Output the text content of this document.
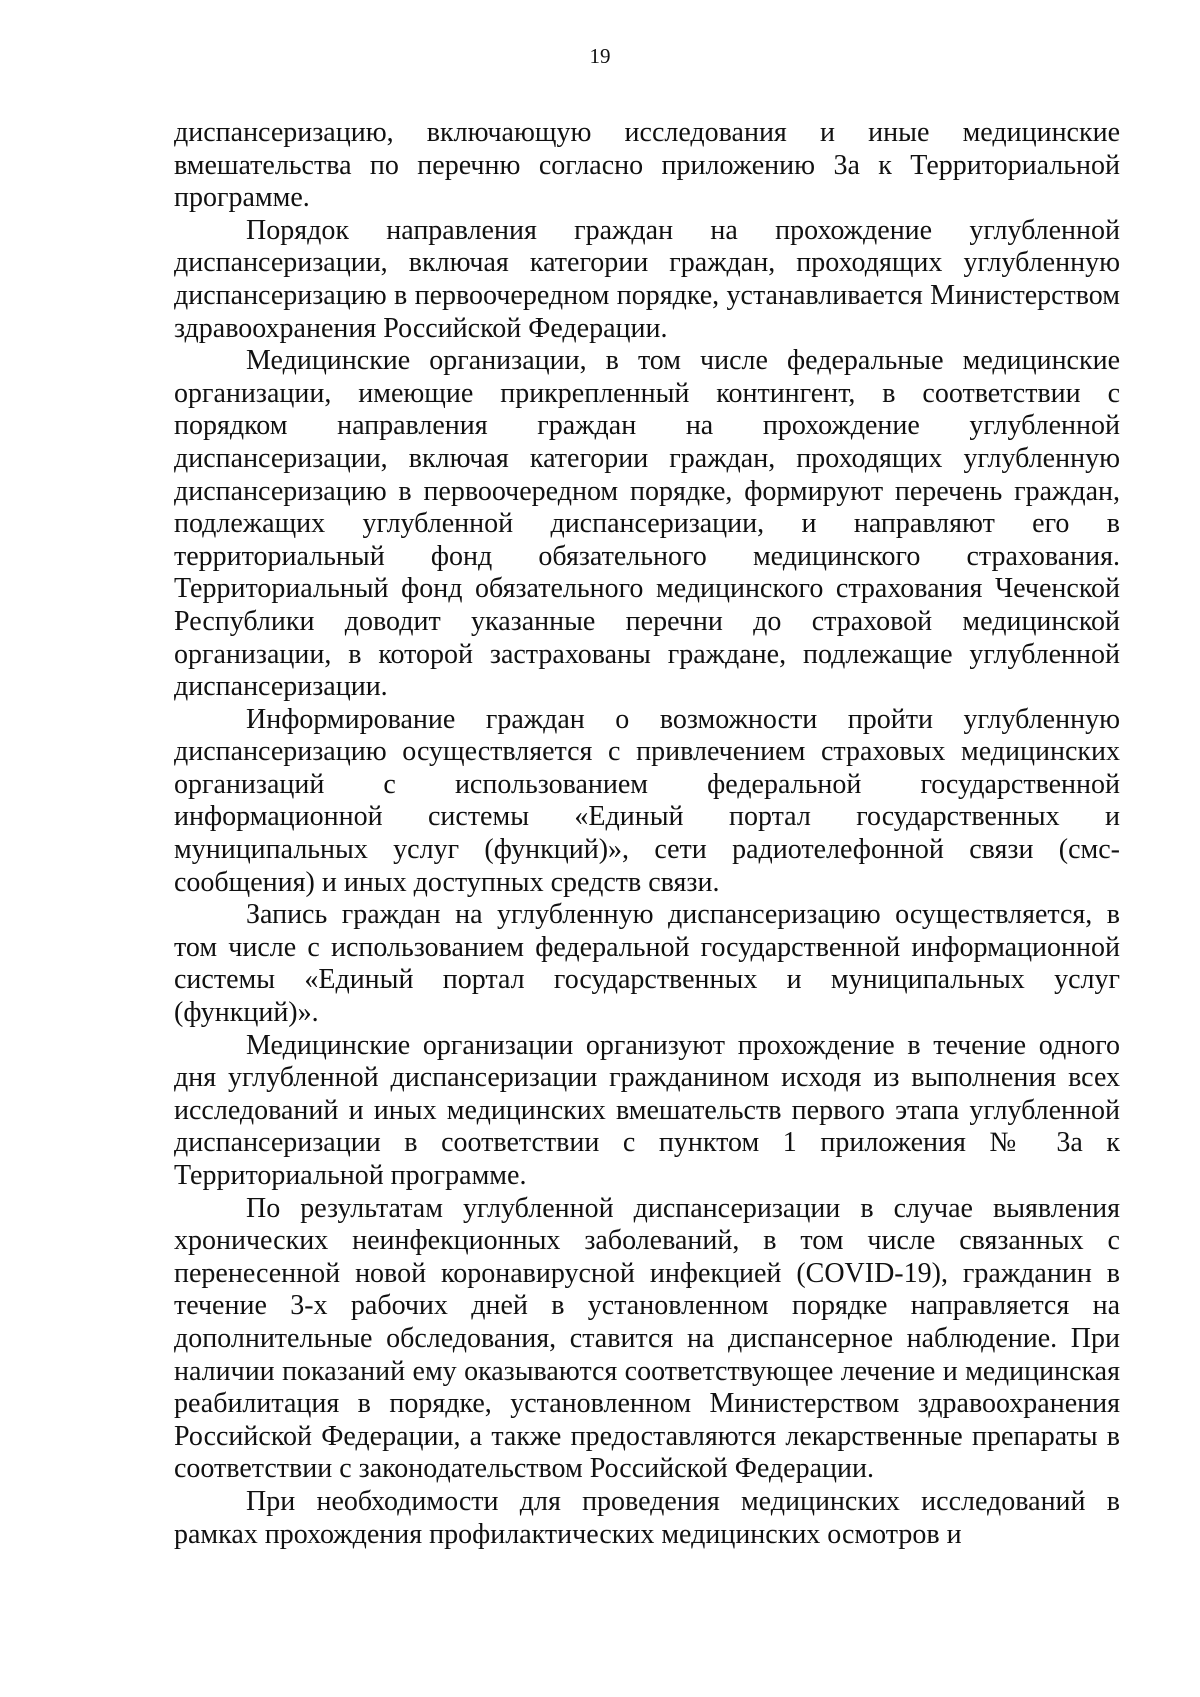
19

диспансеризацию, включающую исследования и иные медицинские вмешательства по перечню согласно приложению 3а к Территориальной программе.

Порядок направления граждан на прохождение углубленной диспансеризации, включая категории граждан, проходящих углубленную диспансеризацию в первоочередном порядке, устанавливается Министерством здравоохранения Российской Федерации.

Медицинские организации, в том числе федеральные медицинские организации, имеющие прикрепленный контингент, в соответствии с порядком направления граждан на прохождение углубленной диспансеризации, включая категории граждан, проходящих углубленную диспансеризацию в первоочередном порядке, формируют перечень граждан, подлежащих углубленной диспансеризации, и направляют его в территориальный фонд обязательного медицинского страхования. Территориальный фонд обязательного медицинского страхования Чеченской Республики доводит указанные перечни до страховой медицинской организации, в которой застрахованы граждане, подлежащие углубленной диспансеризации.

Информирование граждан о возможности пройти углубленную диспансеризацию осуществляется с привлечением страховых медицинских организаций с использованием федеральной государственной информационной системы «Единый портал государственных и муниципальных услуг (функций)», сети радиотелефонной связи (смс-сообщения) и иных доступных средств связи.

Запись граждан на углубленную диспансеризацию осуществляется, в том числе с использованием федеральной государственной информационной системы «Единый портал государственных и муниципальных услуг (функций)».

Медицинские организации организуют прохождение в течение одного дня углубленной диспансеризации гражданином исходя из выполнения всех исследований и иных медицинских вмешательств первого этапа углубленной диспансеризации в соответствии с пунктом 1 приложения № 3а к Территориальной программе.

По результатам углубленной диспансеризации в случае выявления хронических неинфекционных заболеваний, в том числе связанных с перенесенной новой коронавирусной инфекцией (COVID-19), гражданин в течение 3-х рабочих дней в установленном порядке направляется на дополнительные обследования, ставится на диспансерное наблюдение. При наличии показаний ему оказываются соответствующее лечение и медицинская реабилитация в порядке, установленном Министерством здравоохранения Российской Федерации, а также предоставляются лекарственные препараты в соответствии с законодательством Российской Федерации.

При необходимости для проведения медицинских исследований в рамках прохождения профилактических медицинских осмотров и
